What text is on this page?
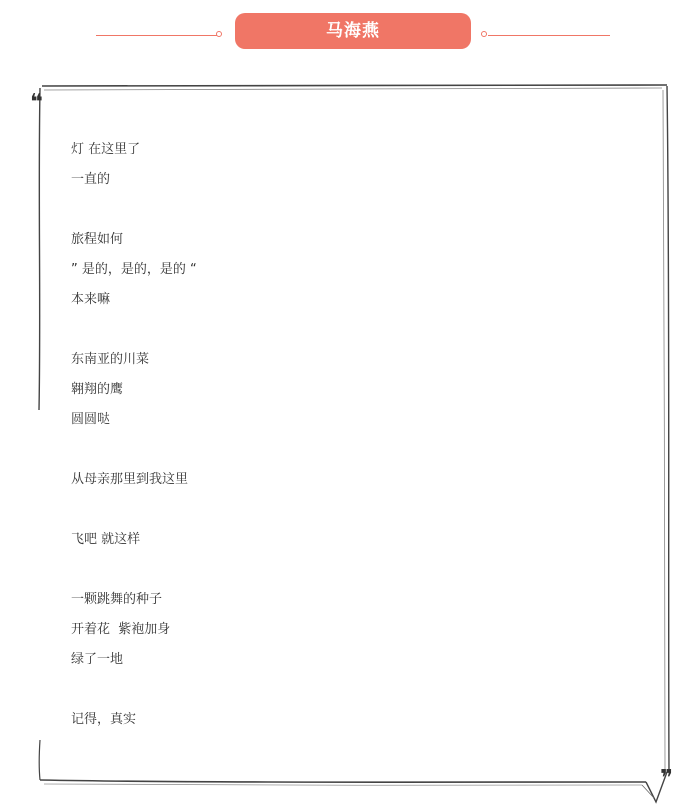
马海燕
❝
❞
灯 在这里了
一直的
旅程如何
” 是的，是的，是的 “
本来嘛
东南亚的川菜
翱翔的鹰
圆圆哒
从母亲那里到我这里
飞吧 就这样
一颗跳舞的种子
开着花  紫袍加身
绿了一地
记得，真实
